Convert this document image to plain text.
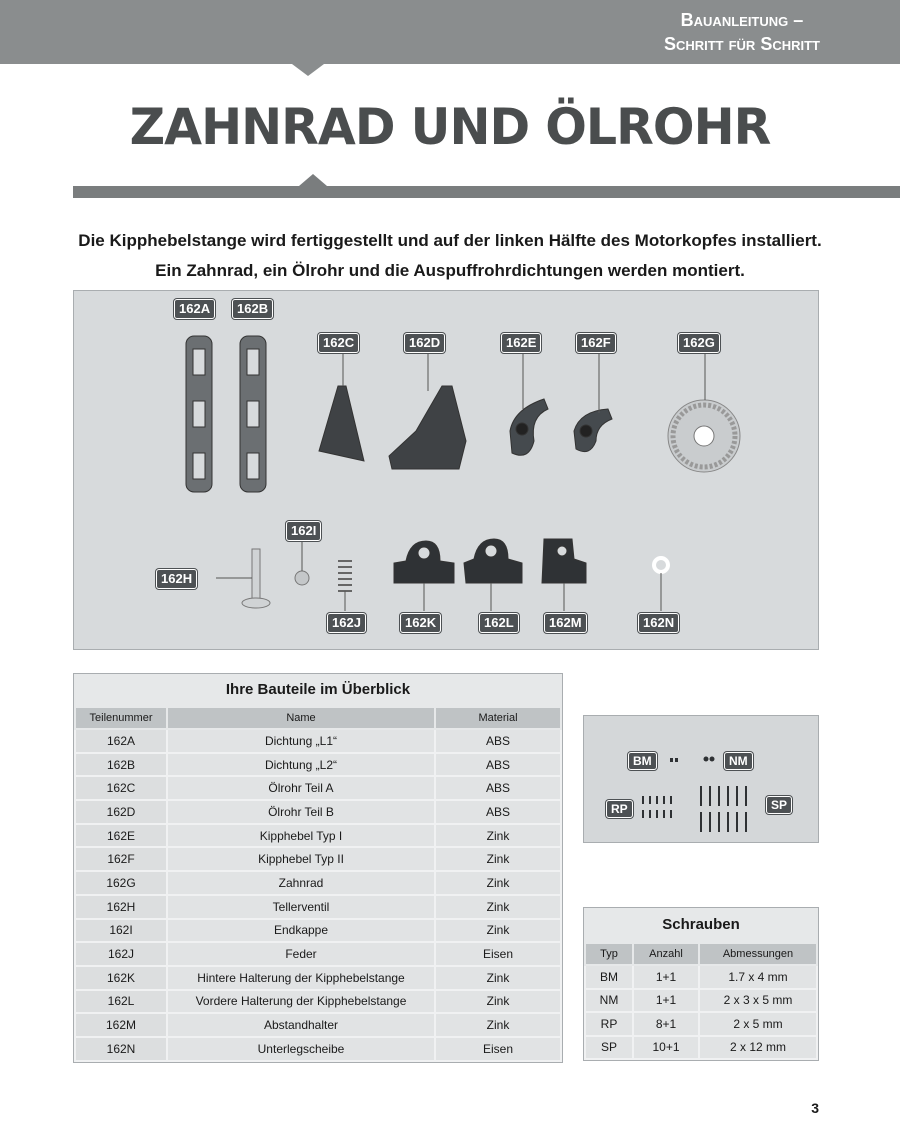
Bauanleitung –
Schritt für Schritt
ZAHNRAD UND ÖLROHR

Die Kipphebelstange wird fertiggestellt und auf der linken Hälfte des Motorkopfes installiert. Ein Zahnrad, ein Ölrohr und die Auspuffrohrdichtungen werden montiert.

162A	162B
162C	162D	162E	162F	162G
162H
162I
162J	162K	162L	162M	162N
Ihre Bauteile im Überblick
Teilenummer	Name	Material
162A	Dichtung „L1“	ABS
162B	Dichtung „L2“	ABS
162C	Ölrohr Teil A	ABS
162D	Ölrohr Teil B	ABS
162E	Kipphebel Typ I	Zink
162F	Kipphebel Typ II	Zink
162G	Zahnrad	Zink
162H	Tellerventil	Zink
162I	Endkappe	Zink
162J	Feder	Eisen
162K	Hintere Halterung der Kipphebelstange	Zink
162L	Vordere Halterung der Kipphebelstange	Zink
162M	Abstandhalter	Zink
162N	Unterlegscheibe	Eisen
BM	NM
RP	SP
Schrauben
Typ	Anzahl	Abmessungen
BM	1+1	1.7 x 4 mm
NM	1+1	2 x 3 x 5 mm
RP	8+1	2 x 5 mm
SP	10+1	2 x 12 mm
3
